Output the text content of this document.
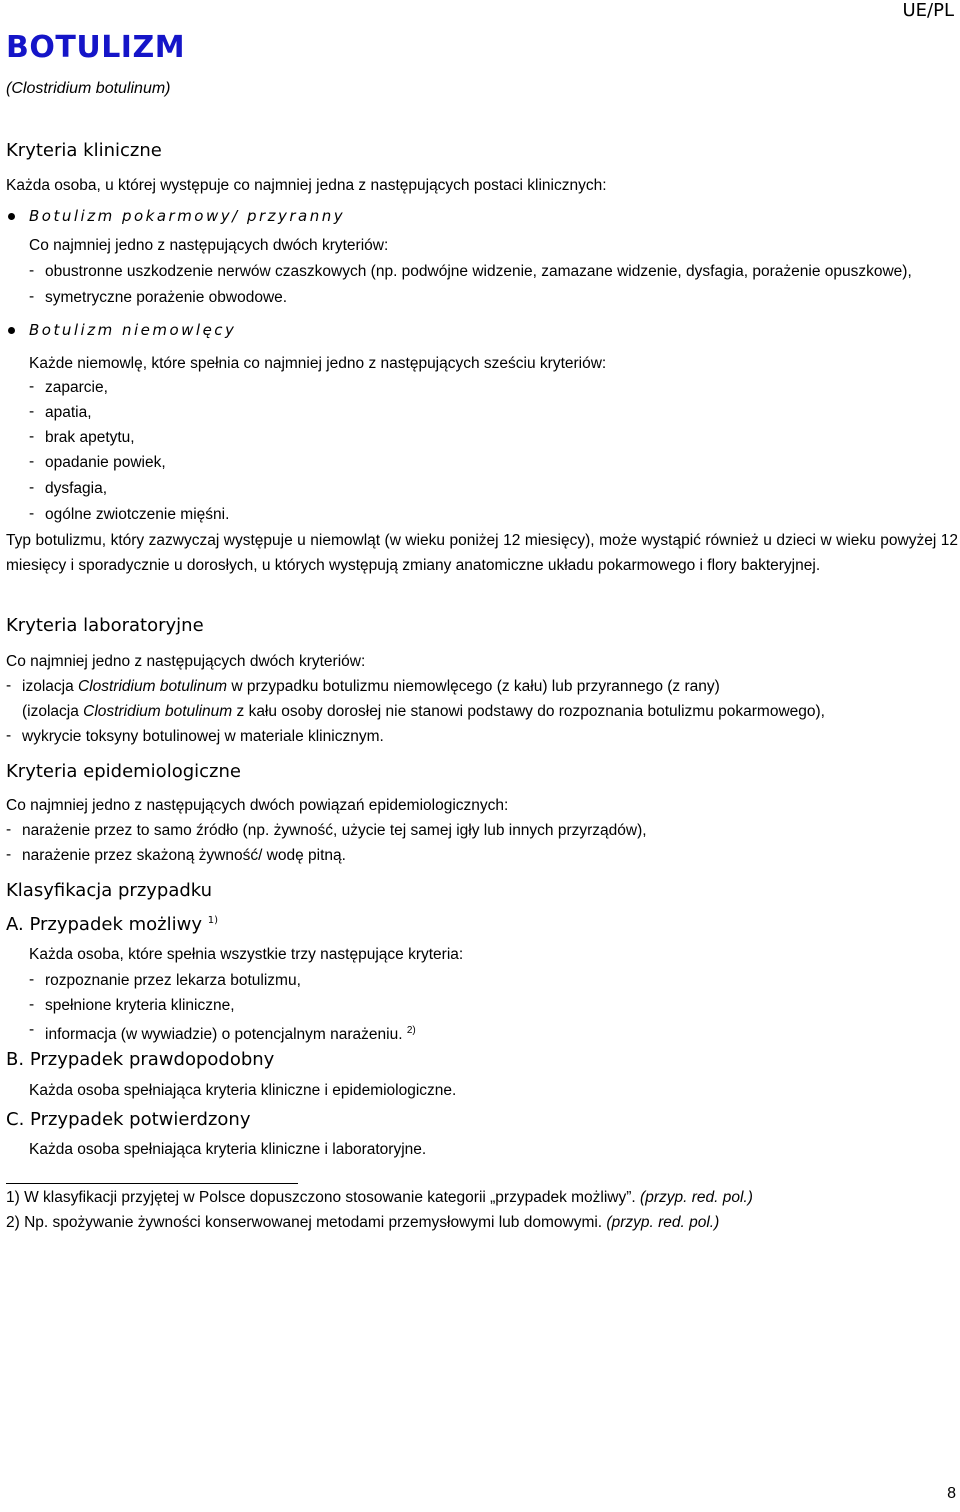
UE/PL
BOTULIZM
(Clostridium botulinum)
Kryteria kliniczne
Każda osoba, u której występuje co najmniej jedna z następujących postaci klinicznych:
Botulizm pokarmowy/ przyranny
Co najmniej jedno z następujących dwóch kryteriów:
- obustronne uszkodzenie nerwów czaszkowych (np. podwójne widzenie, zamazane widzenie, dysfagia, porażenie opuszkowe),
- symetryczne porażenie obwodowe.
Botulizm niemowlęcy
Każde niemowlę, które spełnia co najmniej jedno z następujących sześciu kryteriów:
- zaparcie,
- apatia,
- brak apetytu,
- opadanie powiek,
- dysfagia,
- ogólne zwiotczenie mięśni.
Typ botulizmu, który zazwyczaj występuje u niemowląt (w wieku poniżej 12 miesięcy), może wystąpić również u dzieci w wieku powyżej 12 miesięcy i sporadycznie u dorosłych, u których występują zmiany anatomiczne układu pokarmowego i flory bakteryjnej.
Kryteria laboratoryjne
Co najmniej jedno z następujących dwóch kryteriów:
- izolacja Clostridium botulinum w przypadku botulizmu niemowlęcego (z kału) lub przyrannego (z rany)
(izolacja Clostridium botulinum z kału osoby dorosłej nie stanowi podstawy do rozpoznania botulizmu pokarmowego),
- wykrycie toksyny botulinowej w materiale klinicznym.
Kryteria epidemiologiczne
Co najmniej jedno z następujących dwóch powiązań epidemiologicznych:
- narażenie przez to samo źródło (np. żywność, użycie tej samej igły lub innych przyrządów),
- narażenie przez skażoną żywność/ wodę pitną.
Klasyfikacja przypadku
A. Przypadek możliwy $^{1)}$
Każda osoba, które spełnia wszystkie trzy następujące kryteria:
- rozpoznanie przez lekarza botulizmu,
- spełnione kryteria kliniczne,
- informacja (w wywiadzie) o potencjalnym narażeniu. $^{2)}$
B. Przypadek prawdopodobny
Każda osoba spełniająca kryteria kliniczne i epidemiologiczne.
C. Przypadek potwierdzony
Każda osoba spełniająca kryteria kliniczne i laboratoryjne.
1) W klasyfikacji przyjętej w Polsce dopuszczono stosowanie kategorii „przypadek możliwy”. (przyp. red. pol.)
2) Np. spożywanie żywności konserwowanej metodami przemysłowymi lub domowymi. (przyp. red. pol.)
8
